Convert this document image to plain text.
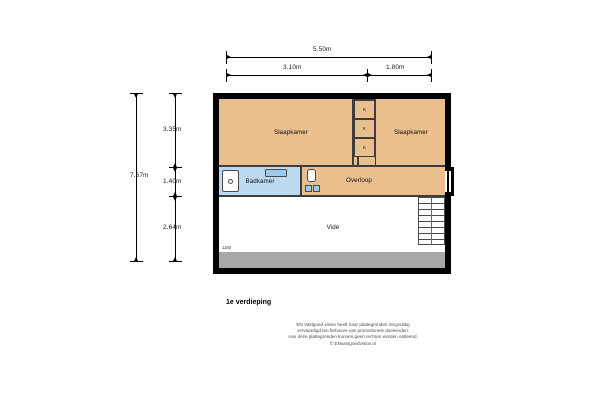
5.50m
3.10m	1.80m
7.67m
3.35m
1.40m
2.64m
K
K
K
Slaapkamer	Slaapkamer
Badkamer	Overloop
Vide
1160
1e verdieping
EN Vastgoed visien heeft haar plattegronden zorgvuldig
vervaardigd ten behoeve van promotionele doeleinden.
Aan deze plattegronden kunnen geen rechten worden ontleend.
© ENvastgoedvision.nl
